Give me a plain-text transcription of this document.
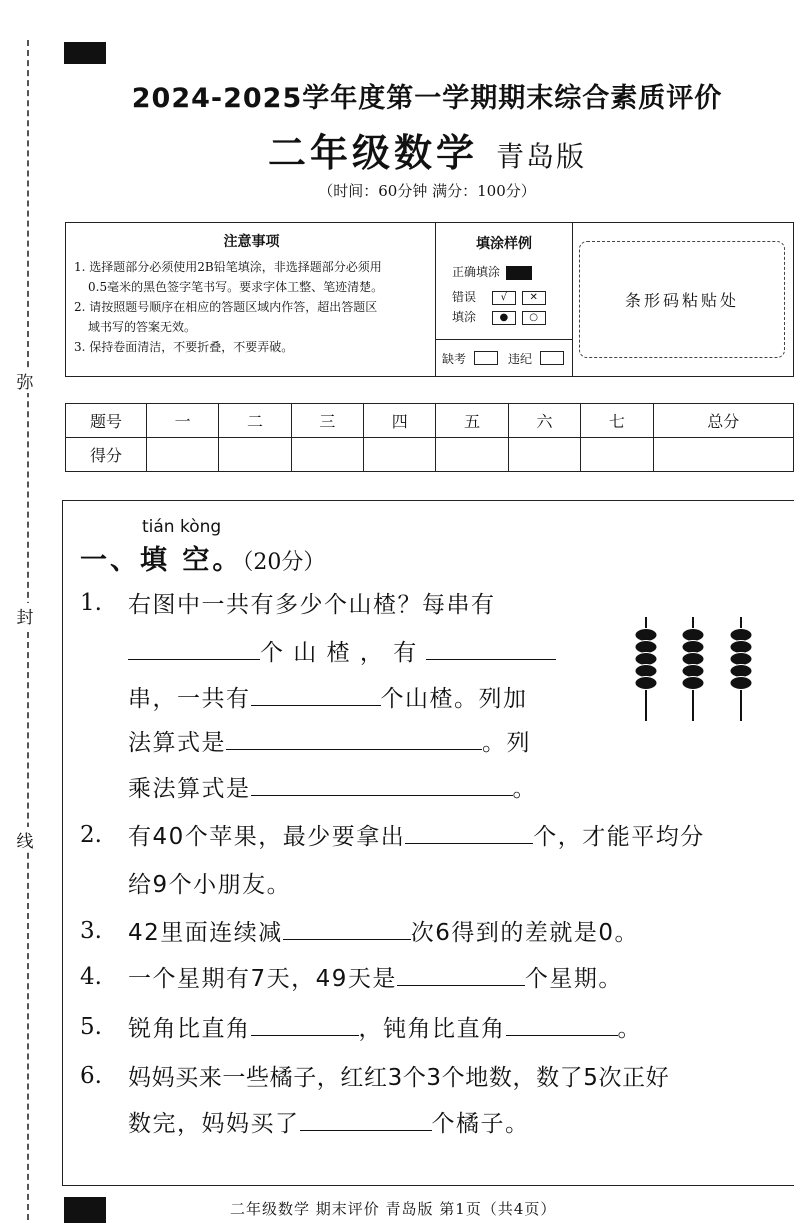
弥
封
线
2024-2025学年度第一学期期末综合素质评价
二年级数学 青岛版
（时间：60分钟 满分：100分）
注意事项
1. 选择题部分必须使用2B铅笔填涂，非选择题部分必须用
0.5毫米的黑色签字笔书写。要求字体工整、笔迹清楚。
2. 请按照题号顺序在相应的答题区域内作答，超出答题区
域书写的答案无效。
3. 保持卷面清洁，不要折叠，不要弄破。
填涂样例
正确填涂
错误 √ ✕
填涂 ● ○
缺考	违纪
条形码粘贴处
题号	一	二	三	四	五	六	七	总分
得分								
tián kòng
一、填 空。（20分）
1. 右图中一共有多少个山楂？每串有
个 山 楂 ， 有
串，一共有	个山楂。列加
法算式是	。列
乘法算式是	。
2. 有40个苹果，最少要拿出	个，才能平均分
给9个小朋友。
3. 42里面连续减	次6得到的差就是0。
4. 一个星期有7天，49天是	个星期。
5. 锐角比直角	，钝角比直角	。
6. 妈妈买来一些橘子，红红3个3个地数，数了5次正好
数完，妈妈买了	个橘子。
二年级数学 期末评价 青岛版 第1页（共4页）
